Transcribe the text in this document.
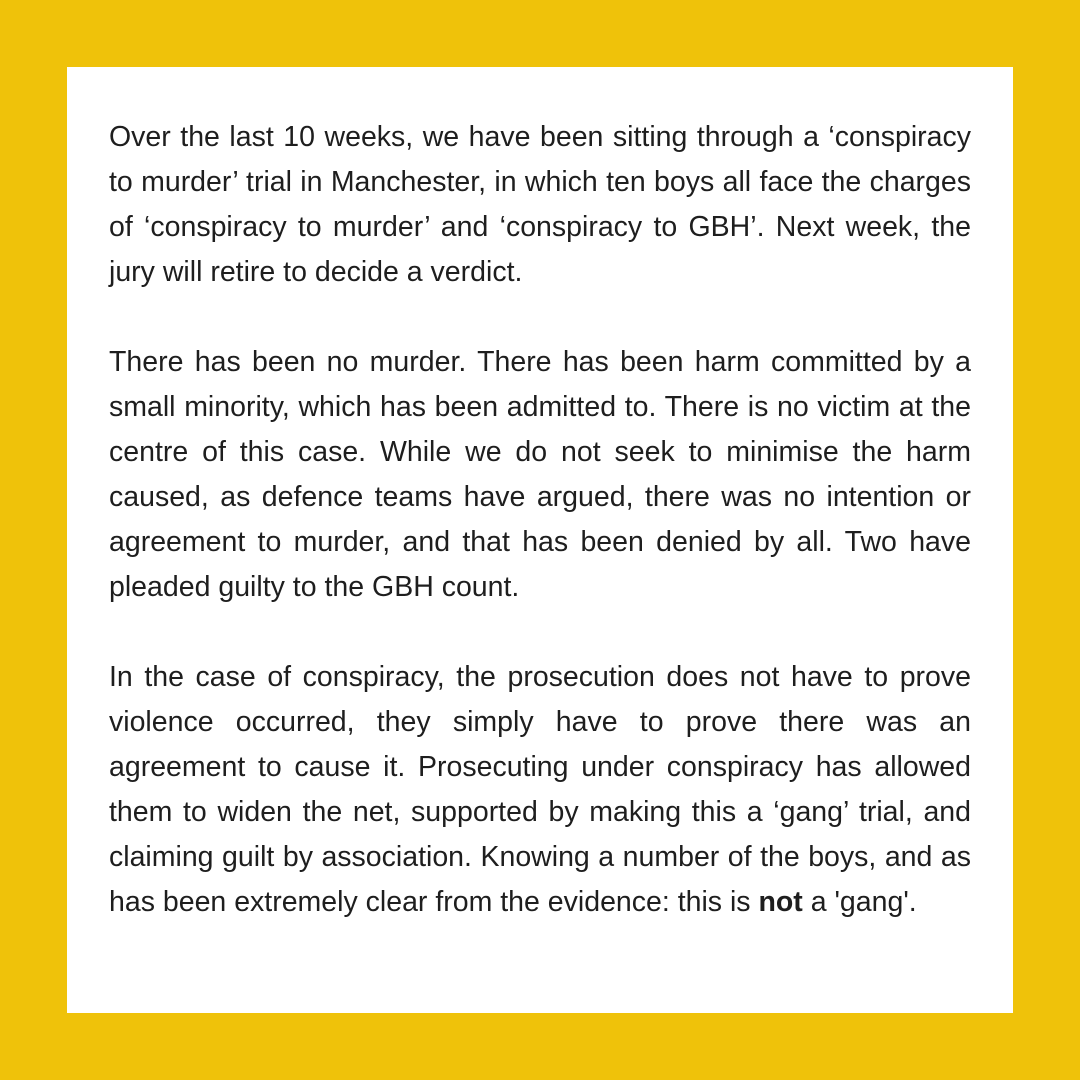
Over the last 10 weeks, we have been sitting through a ‘conspiracy to murder’ trial in Manchester, in which ten boys all face the charges of ‘conspiracy to murder’ and ‘conspiracy to GBH’. Next week, the jury will retire to decide a verdict.

There has been no murder. There has been harm committed by a small minority, which has been admitted to. There is no victim at the centre of this case. While we do not seek to minimise the harm caused, as defence teams have argued, there was no intention or agreement to murder, and that has been denied by all. Two have pleaded guilty to the GBH count.

In the case of conspiracy, the prosecution does not have to prove violence occurred, they simply have to prove there was an agreement to cause it. Prosecuting under conspiracy has allowed them to widen the net, supported by making this a ‘gang’ trial, and claiming guilt by association. Knowing a number of the boys, and as has been extremely clear from the evidence: this is not a 'gang'.
